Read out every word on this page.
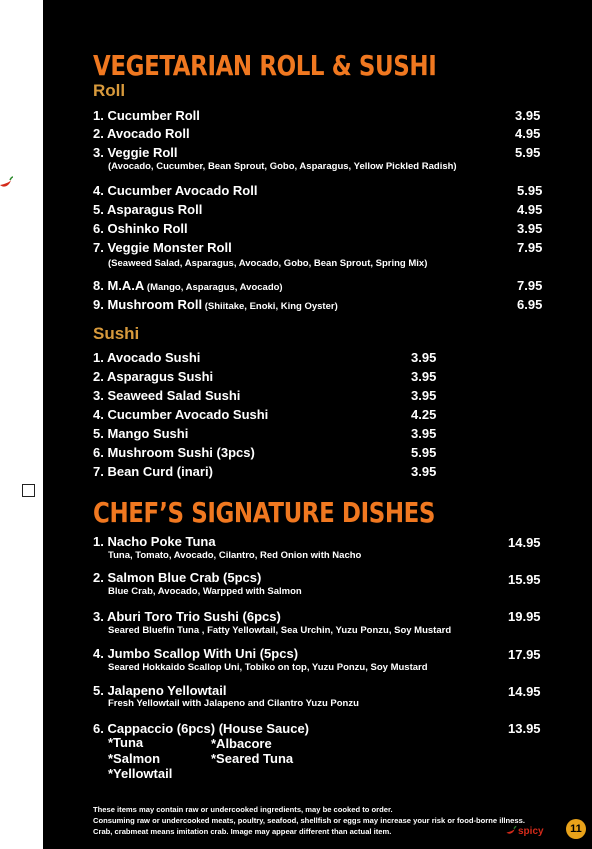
VEGETARIAN ROLL & SUSHI
Roll
1. Cucumber Roll	3.95
2. Avocado Roll	4.95
3. Veggie Roll	5.95
(Avocado, Cucumber, Bean Sprout, Gobo, Asparagus, Yellow Pickled Radish)
4. Cucumber Avocado Roll	5.95
5. Asparagus Roll	4.95
6. Oshinko Roll	3.95
7. Veggie Monster Roll	7.95
(Seaweed Salad, Asparagus, Avocado, Gobo, Bean Sprout, Spring Mix)
8. M.A.A (Mango, Asparagus, Avocado)	7.95
9. Mushroom Roll (Shiitake, Enoki, King Oyster)	6.95
Sushi
1. Avocado Sushi	3.95
2. Asparagus Sushi	3.95
3. Seaweed Salad Sushi	3.95
4. Cucumber Avocado Sushi	4.25
5. Mango Sushi	3.95
6. Mushroom Sushi (3pcs)	5.95
7. Bean Curd (inari)	3.95
CHEF’S SIGNATURE DISHES
1. Nacho Poke Tuna	14.95
Tuna, Tomato, Avocado, Cilantro, Red Onion with Nacho
2. Salmon Blue Crab (5pcs)	15.95
Blue Crab, Avocado, Warpped with Salmon
3. Aburi Toro Trio Sushi (6pcs)	19.95
Seared Bluefin Tuna , Fatty Yellowtail, Sea Urchin, Yuzu Ponzu, Soy Mustard
4. Jumbo Scallop With Uni (5pcs)	17.95
Seared Hokkaido Scallop Uni, Tobiko on top, Yuzu Ponzu, Soy Mustard
5. Jalapeno Yellowtail	14.95
Fresh Yellowtail with Jalapeno and Cilantro Yuzu Ponzu
6. Cappaccio (6pcs) (House Sauce)	13.95
*Tuna
*Salmon
*Yellowtail
*Albacore
*Seared Tuna
These items may contain raw or undercooked ingredients, may be cooked to order.
Consuming raw or undercooked meats, poultry, seafood, shellfish or eggs may increase your risk or food-borne illness.
Crab, crabmeat means imitation crab. Image may appear different than actual item.	spicy	11
